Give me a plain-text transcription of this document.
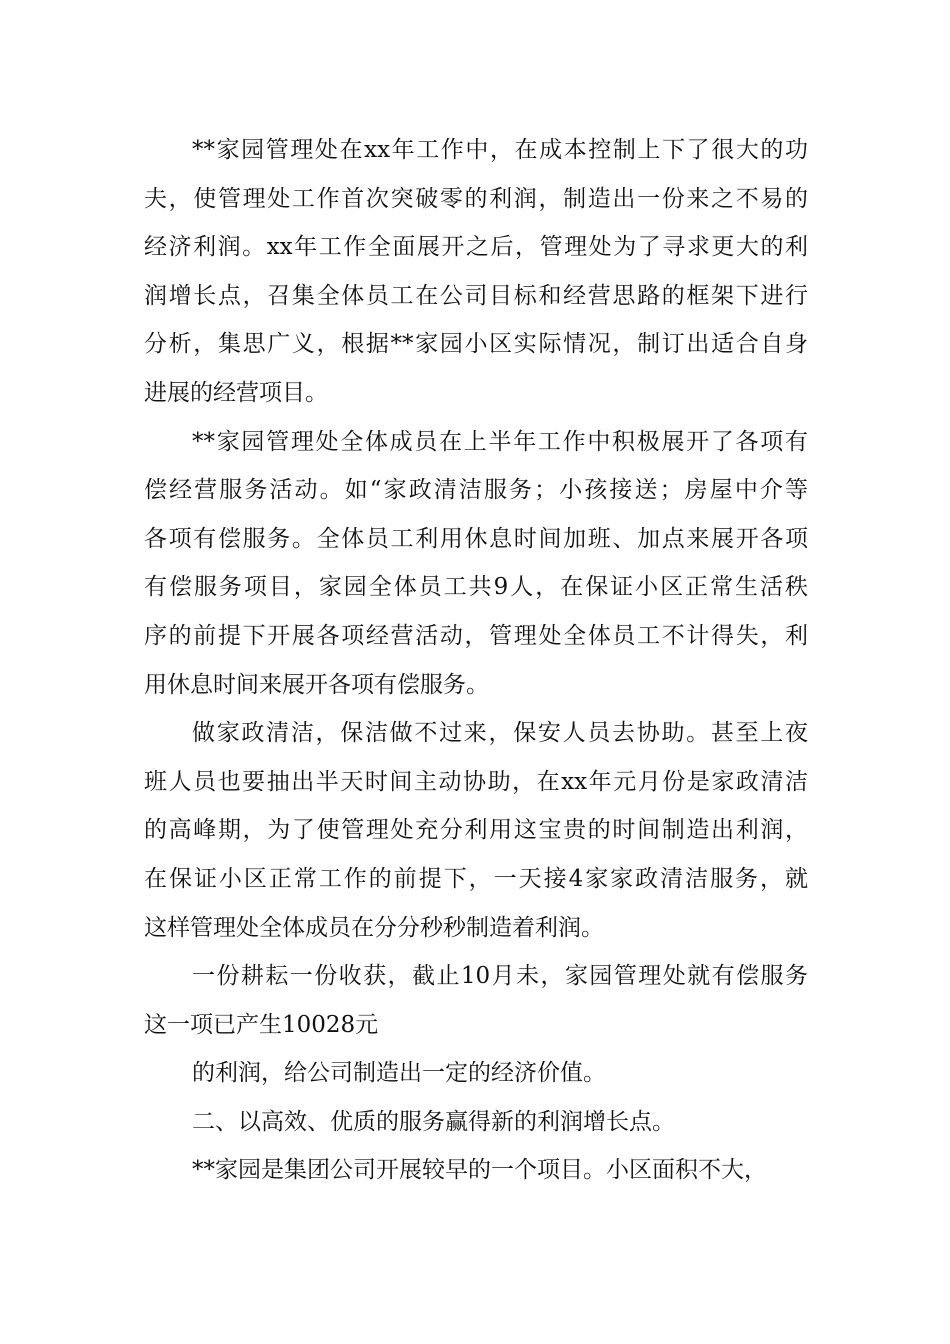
**家园管理处在xx年工作中，在成本控制上下了很大的功
夫，使管理处工作首次突破零的利润，制造出一份来之不易的
经济利润。xx年工作全面展开之后，管理处为了寻求更大的利
润增长点，召集全体员工在公司目标和经营思路的框架下进行
分析，集思广义，根据**家园小区实际情况，制订出适合自身
进展的经营项目。
**家园管理处全体成员在上半年工作中积极展开了各项有
偿经营服务活动。如“家政清洁服务；小孩接送；房屋中介等
各项有偿服务。全体员工利用休息时间加班、加点来展开各项
有偿服务项目，家园全体员工共9人，在保证小区正常生活秩
序的前提下开展各项经营活动，管理处全体员工不计得失，利
用休息时间来展开各项有偿服务。
做家政清洁，保洁做不过来，保安人员去协助。甚至上夜
班人员也要抽出半天时间主动协助，在xx年元月份是家政清洁
的高峰期，为了使管理处充分利用这宝贵的时间制造出利润，
在保证小区正常工作的前提下，一天接4家家政清洁服务，就
这样管理处全体成员在分分秒秒制造着利润。
一份耕耘一份收获，截止10月未，家园管理处就有偿服务
这一项已产生10028元
的利润，给公司制造出一定的经济价值。
二、以高效、优质的服务赢得新的利润增长点。
**家园是集团公司开展较早的一个项目。小区面积不大，
